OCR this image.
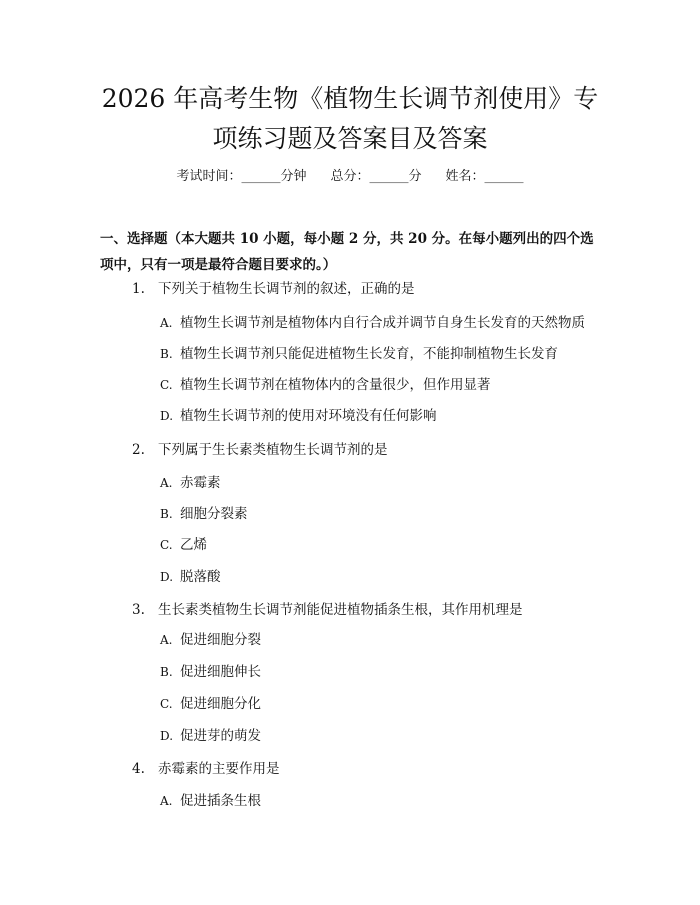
2026 年高考生物《植物生长调节剂使用》专
项练习题及答案目及答案
考试时间：______分钟 总分：______分 姓名：______

一、选择题（本大题共 10 小题，每小题 2 分，共 20 分。在每小题列出的四个选

项中，只有一项是最符合题目要求的。）

1. 下列关于植物生长调节剂的叙述，正确的是
A. 植物生长调节剂是植物体内自行合成并调节自身生长发育的天然物质
B. 植物生长调节剂只能促进植物生长发育，不能抑制植物生长发育
C. 植物生长调节剂在植物体内的含量很少，但作用显著
D. 植物生长调节剂的使用对环境没有任何影响
2. 下列属于生长素类植物生长调节剂的是
A. 赤霉素
B. 细胞分裂素
C. 乙烯
D. 脱落酸
3. 生长素类植物生长调节剂能促进植物插条生根，其作用机理是
A. 促进细胞分裂
B. 促进细胞伸长
C. 促进细胞分化
D. 促进芽的萌发
4. 赤霉素的主要作用是
A. 促进插条生根
